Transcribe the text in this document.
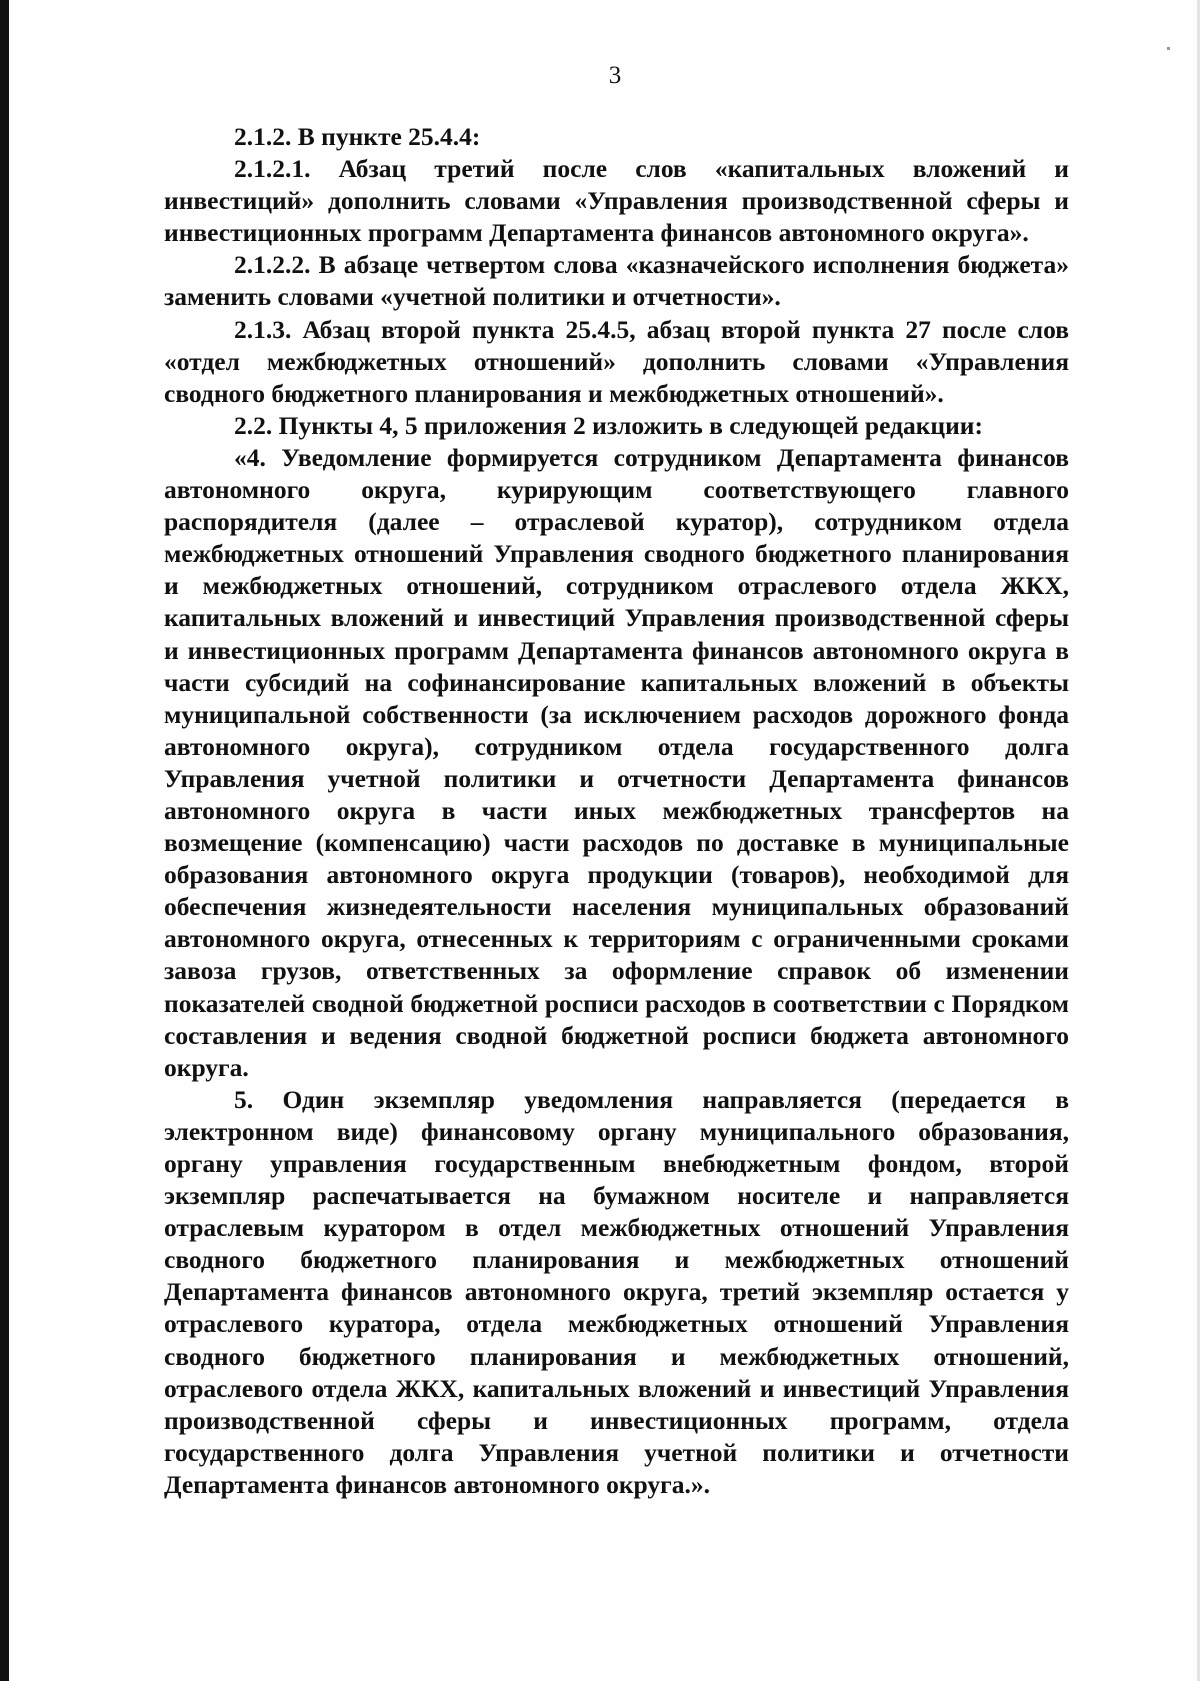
3

2.1.2. В пункте 25.4.4:

2.1.2.1. Абзац третий после слов «капитальных вложений и инвестиций» дополнить словами «Управления производственной сферы и инвестиционных программ Департамента финансов автономного округа».

2.1.2.2. В абзаце четвертом слова «казначейского исполнения бюджета» заменить словами «учетной политики и отчетности».

2.1.3. Абзац второй пункта 25.4.5, абзац второй пункта 27 после слов «отдел межбюджетных отношений» дополнить словами «Управления сводного бюджетного планирования и межбюджетных отношений».

2.2. Пункты 4, 5 приложения 2 изложить в следующей редакции:

«4. Уведомление формируется сотрудником Департамента финансов автономного округа, курирующим соответствующего главного распорядителя (далее – отраслевой куратор), сотрудником отдела межбюджетных отношений Управления сводного бюджетного планирования и межбюджетных отношений, сотрудником отраслевого отдела ЖКХ, капитальных вложений и инвестиций Управления производственной сферы и инвестиционных программ Департамента финансов автономного округа в части субсидий на софинансирование капитальных вложений в объекты муниципальной собственности (за исключением расходов дорожного фонда автономного округа), сотрудником отдела государственного долга Управления учетной политики и отчетности Департамента финансов автономного округа в части иных межбюджетных трансфертов на возмещение (компенсацию) части расходов по доставке в муниципальные образования автономного округа продукции (товаров), необходимой для обеспечения жизнедеятельности населения муниципальных образований автономного округа, отнесенных к территориям с ограниченными сроками завоза грузов, ответственных за оформление справок об изменении показателей сводной бюджетной росписи расходов в соответствии с Порядком составления и ведения сводной бюджетной росписи бюджета автономного округа.

5. Один экземпляр уведомления направляется (передается в электронном виде) финансовому органу муниципального образования, органу управления государственным внебюджетным фондом, второй экземпляр распечатывается на бумажном носителе и направляется отраслевым куратором в отдел межбюджетных отношений Управления сводного бюджетного планирования и межбюджетных отношений Департамента финансов автономного округа, третий экземпляр остается у отраслевого куратора, отдела межбюджетных отношений Управления сводного бюджетного планирования и межбюджетных отношений, отраслевого отдела ЖКХ, капитальных вложений и инвестиций Управления производственной сферы и инвестиционных программ, отдела государственного долга Управления учетной политики и отчетности Департамента финансов автономного округа.».
